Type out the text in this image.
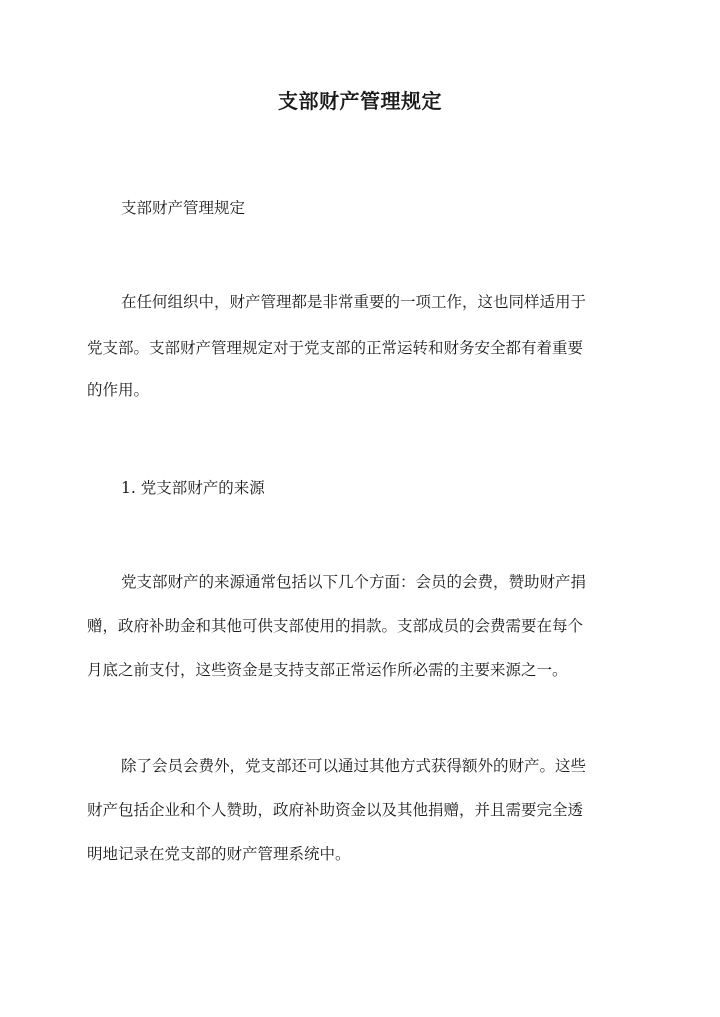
支部财产管理规定
支部财产管理规定
在任何组织中，财产管理都是非常重要的一项工作，这也同样适用于
党支部。支部财产管理规定对于党支部的正常运转和财务安全都有着重要
的作用。
1. 党支部财产的来源
党支部财产的来源通常包括以下几个方面：会员的会费，赞助财产捐
赠，政府补助金和其他可供支部使用的捐款。支部成员的会费需要在每个
月底之前支付，这些资金是支持支部正常运作所必需的主要来源之一。
除了会员会费外，党支部还可以通过其他方式获得额外的财产。这些
财产包括企业和个人赞助，政府补助资金以及其他捐赠，并且需要完全透
明地记录在党支部的财产管理系统中。
